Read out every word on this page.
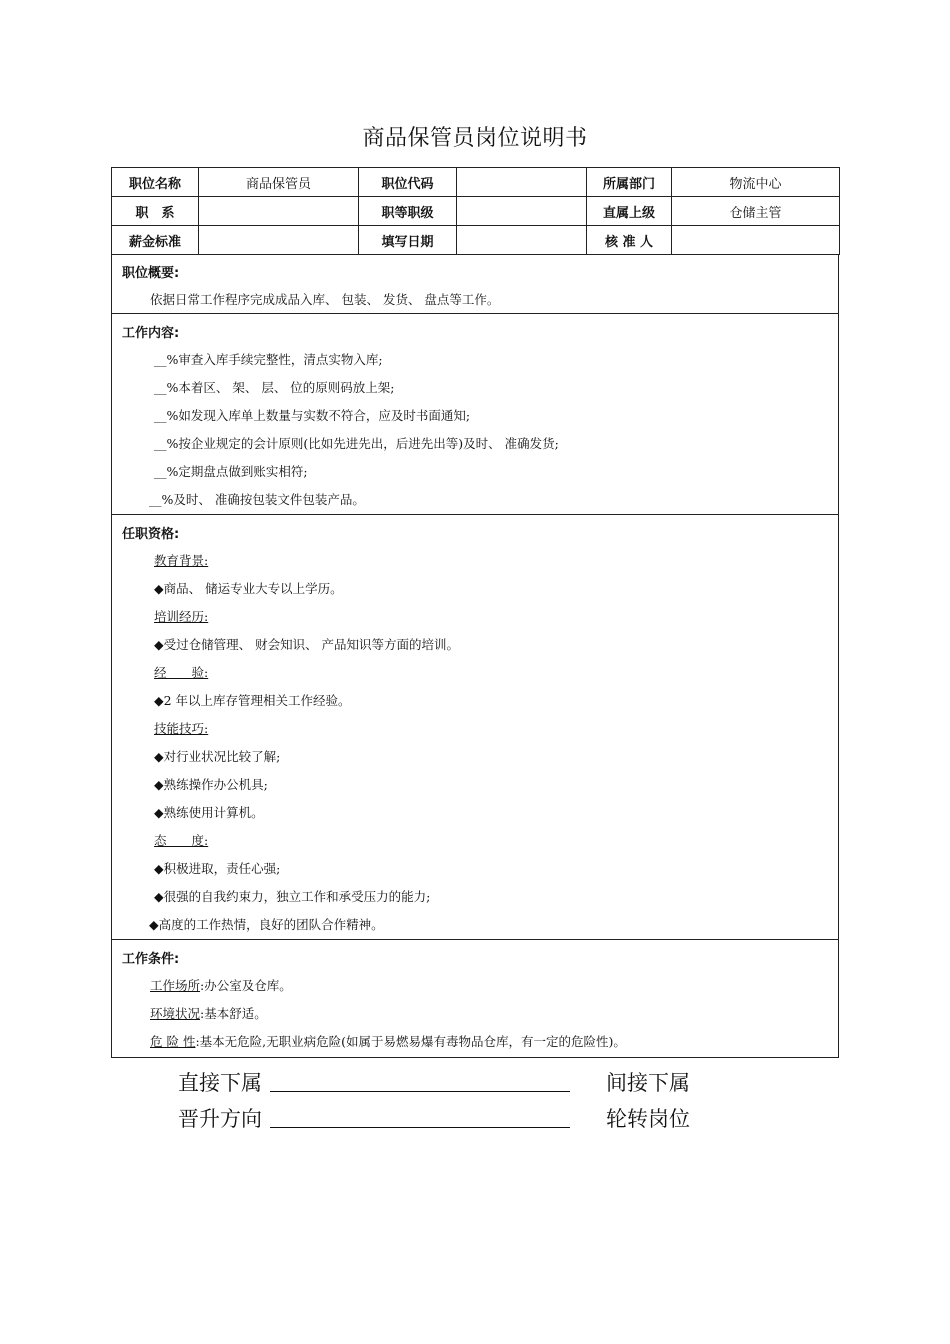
商品保管员岗位说明书
职位名称	商品保管员	职位代码		所属部门	物流中心
职　系		职等职级		直属上级	仓储主管
薪金标准		填写日期		核 准 人	
职位概要:
依据日常工作程序完成成品入库、 包装、 发货、 盘点等工作。
工作内容:
__%审查入库手续完整性，清点实物入库;
__%本着区、 架、 层、 位的原则码放上架;
__%如发现入库单上数量与实数不符合，应及时书面通知;
__%按企业规定的会计原则(比如先进先出，后进先出等)及时、 准确发货;
__%定期盘点做到账实相符;
__%及时、 准确按包装文件包装产品。
任职资格:
教育背景:
◆商品、 储运专业大专以上学历。
培训经历:
◆受过仓储管理、 财会知识、 产品知识等方面的培训。
经　　验:
◆2 年以上库存管理相关工作经验。
技能技巧:
◆对行业状况比较了解;
◆熟练操作办公机具;
◆熟练使用计算机。
态　　度:
◆积极进取，责任心强;
◆很强的自我约束力，独立工作和承受压力的能力;
◆高度的工作热情，良好的团队合作精神。
工作条件:
工作场所:办公室及仓库。
环境状况:基本舒适。
危 险 性:基本无危险,无职业病危险(如属于易燃易爆有毒物品仓库，有一定的危险性)。
直接下属	间接下属
晋升方向	轮转岗位
